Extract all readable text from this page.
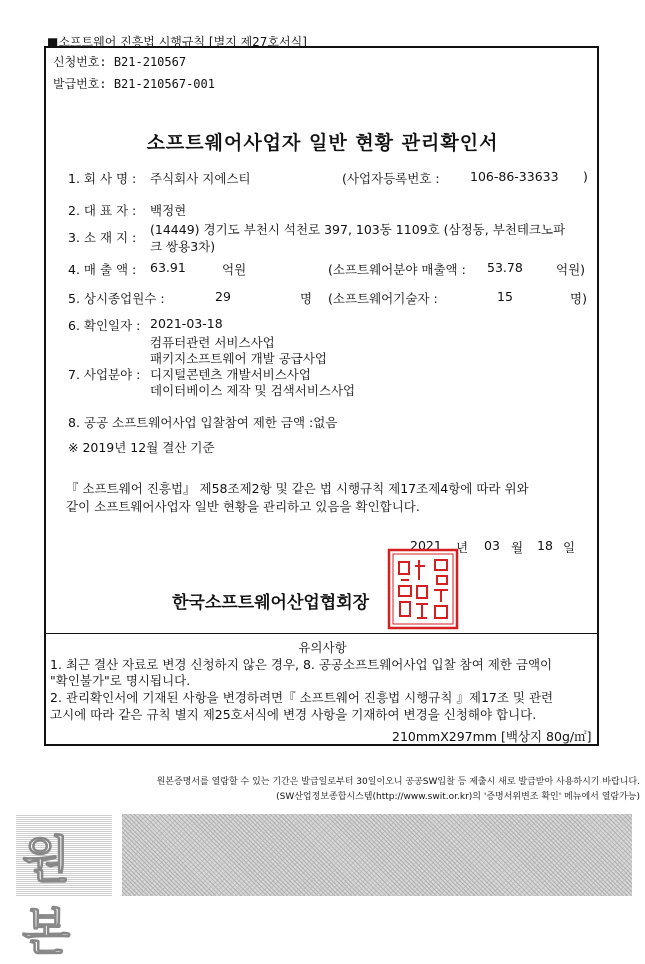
■소프트웨어 진흥법 시행규칙 [별지 제27호서식]
신청번호: B21-210567
발급번호: B21-210567-001
소프트웨어사업자 일반 현황 관리확인서
1. 회 사 명 : 주식회사 지에스티	(사업자등록번호 : 106-86-33633 )
2. 대 표 자 : 백정현
3. 소 재 지 :
(14449) 경기도 부천시 석천로 397, 103동 1109호 (삼정동, 부천테크노파
크 쌍용3차)
4. 매 출 액 : 63.91	억원	(소프트웨어분야 매출액 : 53.78	억원)
5. 상시종업원수 :	29	명 (소프트웨어기술자 :	15	명)
6. 확인일자 : 2021-03-18
7. 사업분야 :
컴퓨터관련 서비스사업
패키지소프트웨어 개발 공급사업
디지털콘텐츠 개발서비스사업
데이터베이스 제작 및 검색서비스사업
8. 공공 소프트웨어사업 입찰참여 제한 금액 :없음
※ 2019년 12월 결산 기준
『 소프트웨어 진흥법』 제58조제2항 및 같은 법 시행규칙 제17조제4항에 따라 위와
같이 소프트웨어사업자 일반 현황을 관리하고 있음을 확인합니다.
2021 년 03 월 18 일
한국소프트웨어산업협회장
유의사항
1. 최근 결산 자료로 변경 신청하지 않은 경우, 8. 공공소프트웨어사업 입찰 참여 제한 금액이
"확인불가"로 명시됩니다.
2. 관리확인서에 기재된 사항을 변경하려면『 소프트웨어 진흥법 시행규칙 』제17조 및 관련
고시에 따라 같은 규칙 별지 제25호서식에 변경 사항을 기재하여 변경을 신청해야 합니다.
210mmX297mm [백상지 80g/㎡]
원본증명서를 열람할 수 있는 기간은 발급일로부터 30일이오니 공공SW입찰 등 제출시 새로 발급받아 사용하시기 바랍니다.
(SW산업정보종합시스템(http://www.swit.or.kr)의 '증명서위변조 확인' 메뉴에서 열람가능)
원본
